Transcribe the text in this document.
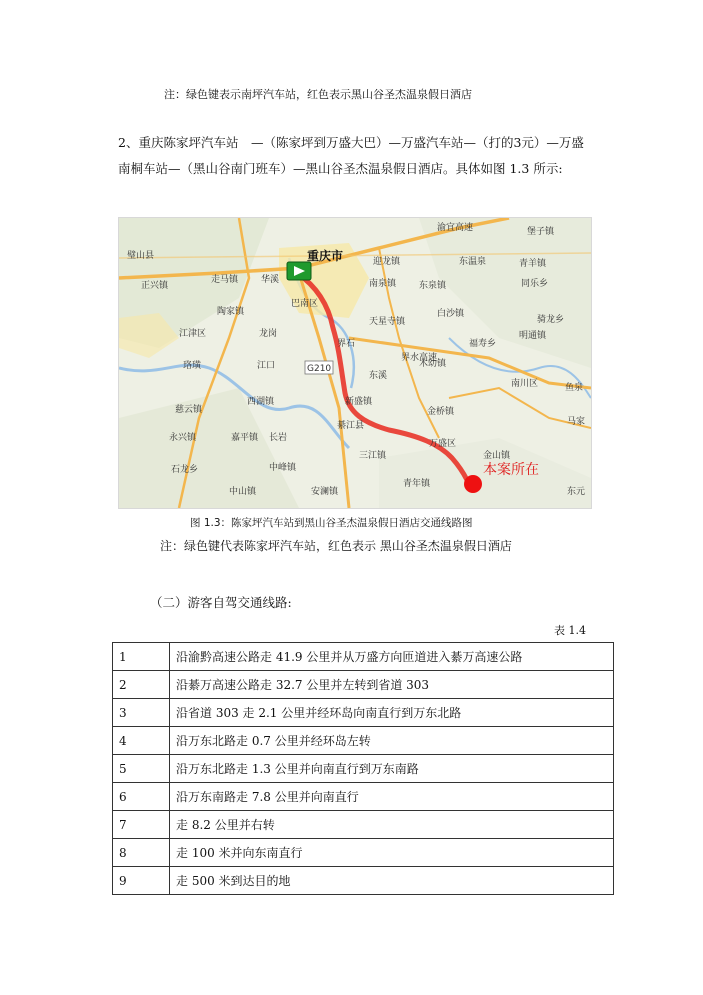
注：绿色键表示南坪汽车站，红色表示黑山谷圣杰温泉假日酒店
2、重庆陈家坪汽车站　—（陈家坪到万盛大巴）—万盛汽车站—（打的3元）—万盛南桐车站—（黑山谷南门班车）—黑山谷圣杰温泉假日酒店。具体如图 1.3 所示:
重庆市
巴南区
江津区
綦江县
万盛区
南川区
G210
璧山县
正兴镇
走马镇	华溪
陶家镇
龙岗
珞璜	江口
西湖镇
慈云镇
永兴镇	嘉平镇
中峰镇
石龙乡
中山镇	安澜镇
青年镇
三江镇
新盛镇
金桥镇
金山镇
东溪
木幼镇
南泉镇	东泉镇
白沙镇
天星寺镇
福寿乡
堡子镇
青羊镇
同乐乡
骑龙乡
鱼泉
马家
界石
迎龙镇	东温泉
东元
渝宜高速
界水高速
长岩
明通镇
本案所在
图 1.3：陈家坪汽车站到黑山谷圣杰温泉假日酒店交通线路图
注：绿色键代表陈家坪汽车站，红色表示 黑山谷圣杰温泉假日酒店
（二）游客自驾交通线路:
表 1.4
1	沿渝黔高速公路走 41.9 公里并从万盛方向匝道进入綦万高速公路
2	沿綦万高速公路走 32.7 公里并左转到省道 303
3	沿省道 303 走 2.1 公里并经环岛向南直行到万东北路
4	沿万东北路走 0.7 公里并经环岛左转
5	沿万东北路走 1.3 公里并向南直行到万东南路
6	沿万东南路走 7.8 公里并向南直行
7	走 8.2 公里并右转
8	走 100 米并向东南直行
9	走 500 米到达目的地
